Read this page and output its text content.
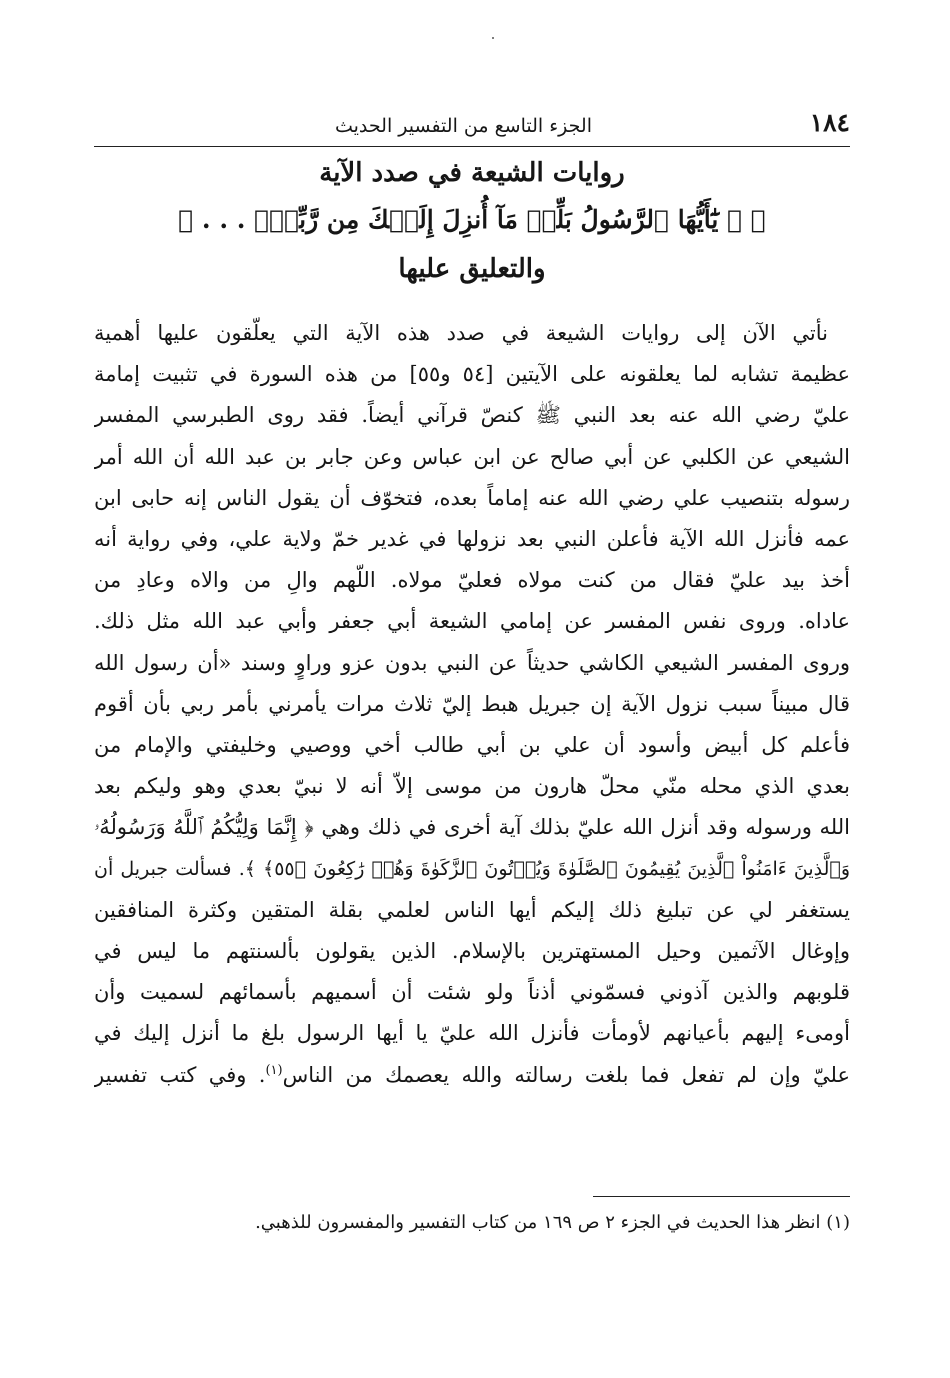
١٨٤
الجزء التاسع من التفسير الحديث
روايات الشيعة في صدد الآية
﴿ ۞ يَٰٓأَيُّهَا ٱلرَّسُولُ بَلِّغۡ مَآ أُنزِلَ إِلَيۡكَ مِن رَّبِّكَۖ . . . ﴾
والتعليق عليها
نأتي الآن إلى روايات الشيعة في صدد هذه الآية التي يعلّقون عليها أهمية
عظيمة تشابه لما يعلقونه على الآيتين [٥٤ و٥٥] من هذه السورة في تثبيت إمامة
عليّ رضي الله عنه بعد النبي ﷺ كنصّ قرآني أيضاً. فقد روى الطبرسي المفسر
الشيعي عن الكلبي عن أبي صالح عن ابن عباس وعن جابر بن عبد الله أن الله أمر
رسوله بتنصيب علي رضي الله عنه إماماً بعده، فتخوّف أن يقول الناس إنه حابى ابن
عمه فأنزل الله الآية فأعلن النبي بعد نزولها في غدير خمّ ولاية علي، وفي رواية أنه
أخذ بيد عليّ فقال من كنت مولاه فعليّ مولاه. اللّهم والِ من والاه وعادِ من
عاداه. وروى نفس المفسر عن إمامي الشيعة أبي جعفر وأبي عبد الله مثل ذلك.
وروى المفسر الشيعي الكاشي حديثاً عن النبي بدون عزو وراوٍ وسند «أن رسول الله
قال مبيناً سبب نزول الآية إن جبريل هبط إليّ ثلاث مرات يأمرني بأمر ربي بأن أقوم
فأعلم كل أبيض وأسود أن علي بن أبي طالب أخي ووصيي وخليفتي والإمام من
بعدي الذي محله منّي محلّ هارون من موسى إلاّ أنه لا نبيّ بعدي وهو وليكم بعد
الله ورسوله وقد أنزل الله عليّ بذلك آية أخرى في ذلك وهي ﴿ إِنَّمَا وَلِيُّكُمُ ٱللَّهُ وَرَسُولُهُۥ
وَٱلَّذِينَ ءَامَنُواْ ٱلَّذِينَ يُقِيمُونَ ٱلصَّلَوٰةَ وَيُؤۡتُونَ ٱلزَّكَوٰةَ وَهُمۡ رَٰكِعُونَ ﴿٥٥﴾ ﴾. فسألت جبريل أن
يستغفر لي عن تبليغ ذلك إليكم أيها الناس لعلمي بقلة المتقين وكثرة المنافقين
وإوغال الآثمين وحيل المستهترين بالإسلام. الذين يقولون بألسنتهم ما ليس في
قلوبهم والذين آذوني فسمّوني أذناً ولو شئت أن أسميهم بأسمائهم لسميت وأن
أومىء إليهم بأعيانهم لأومأت فأنزل الله عليّ يا أيها الرسول بلغ ما أنزل إليك في
عليّ وإن لم تفعل فما بلغت رسالته والله يعصمك من الناس$^{(١)}$. وفي كتب تفسير
(١) انظر هذا الحديث في الجزء ٢ ص ١٦٩ من كتاب التفسير والمفسرون للذهبي.
